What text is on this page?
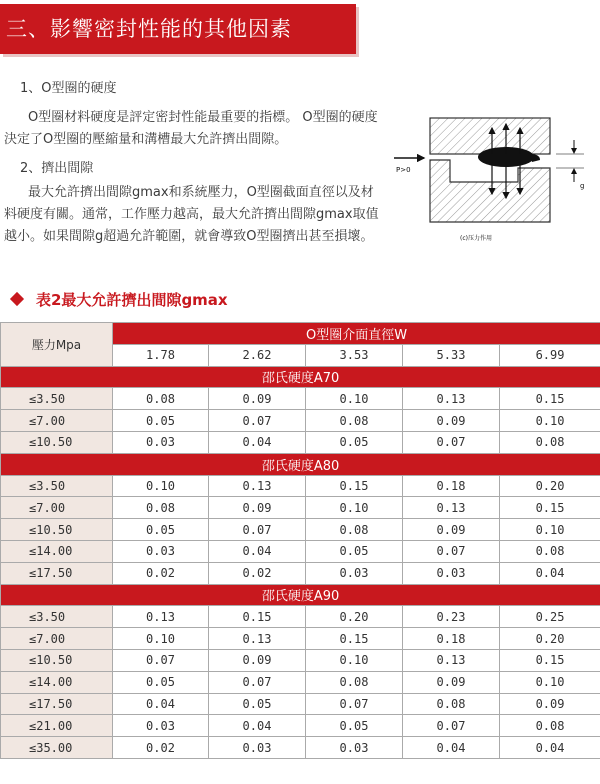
三、影響密封性能的其他因素
1、O型圈的硬度
O型圈材料硬度是評定密封性能最重要的指標。 O型圈的硬度決定了O型圈的壓縮量和溝槽最大允許擠出間隙。
2、擠出間隙
最大允許擠出間隙gmax和系統壓力，O型圈截面直徑以及材料硬度有關。通常，工作壓力越高，最大允許擠出間隙gmax取值越小。如果間隙g超過允許範圍，就會導致O型圈擠出甚至損壞。
P>0
g
(c)压力作用
表2最大允許擠出間隙gmax
壓力Mpa	O型圈介面直徑W				
	1.78	2.62	3.53	5.33	6.99
邵氏硬度A70					
≤3.50	0.08	0.09	0.10	0.13	0.15
≤7.00	0.05	0.07	0.08	0.09	0.10
≤10.50	0.03	0.04	0.05	0.07	0.08
邵氏硬度A80					
≤3.50	0.10	0.13	0.15	0.18	0.20
≤7.00	0.08	0.09	0.10	0.13	0.15
≤10.50	0.05	0.07	0.08	0.09	0.10
≤14.00	0.03	0.04	0.05	0.07	0.08
≤17.50	0.02	0.02	0.03	0.03	0.04
邵氏硬度A90					
≤3.50	0.13	0.15	0.20	0.23	0.25
≤7.00	0.10	0.13	0.15	0.18	0.20
≤10.50	0.07	0.09	0.10	0.13	0.15
≤14.00	0.05	0.07	0.08	0.09	0.10
≤17.50	0.04	0.05	0.07	0.08	0.09
≤21.00	0.03	0.04	0.05	0.07	0.08
≤35.00	0.02	0.03	0.03	0.04	0.04
